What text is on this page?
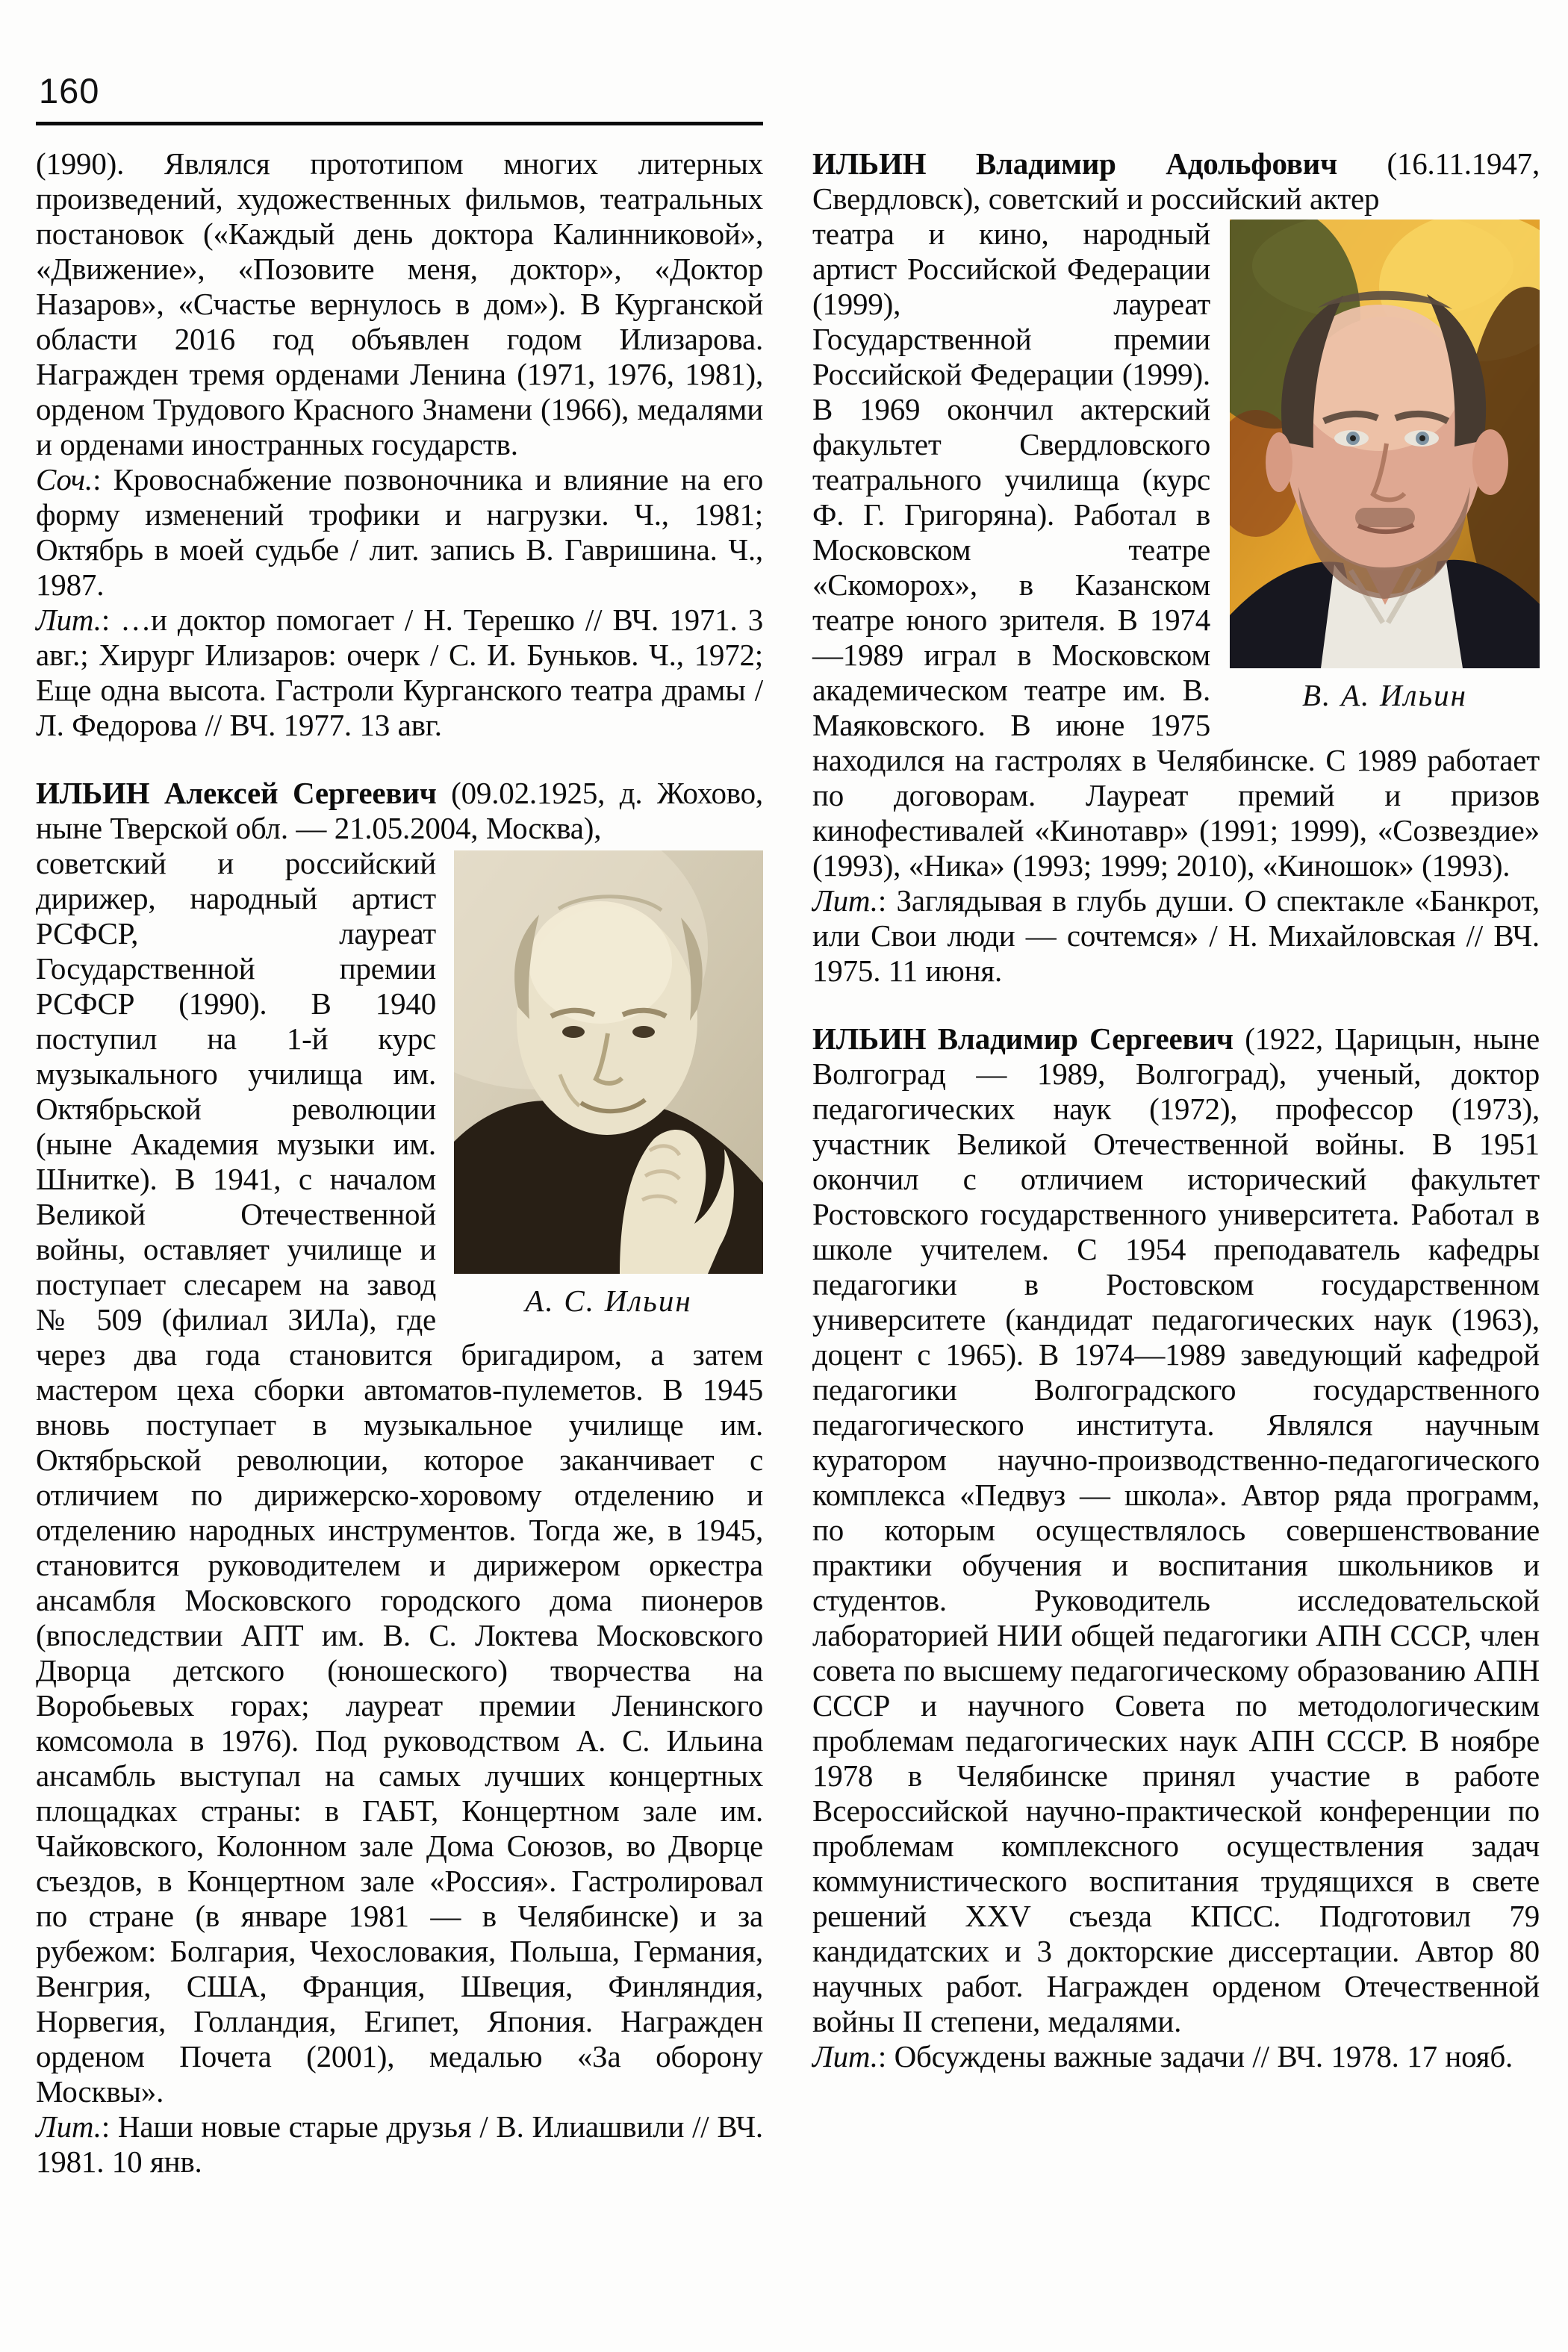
160

(1990). Являлся прототипом многих литерных произведений, художественных фильмов, театральных постановок («Каждый день доктора Калинниковой», «Движение», «Позовите меня, доктор», «Доктор Назаров», «Счастье вернулось в дом»). В Курганской области 2016 год объявлен годом Илизарова. Награжден тремя орденами Ленина (1971, 1976, 1981), орденом Трудового Красного Знамени (1966), медалями и орденами иностранных государств.

Соч.: Кровоснабжение позвоночника и влияние на его форму изменений трофики и нагрузки. Ч., 1981; Октябрь в моей судьбе / лит. запись В. Гавришина. Ч., 1987.

Лит.: …и доктор помогает / Н. Терешко // ВЧ. 1971. 3 авг.; Хирург Илизаров: очерк / С. И. Буньков. Ч., 1972; Еще одна высота. Гастроли Курганского театра драмы / Л. Федорова // ВЧ. 1977. 13 авг.

ИЛЬИН Алексей Сергеевич (09.02.1925, д. Жохово, ныне Тверской обл. — 21.05.2004, Москва),

А. С. Ильин
советский и российский дирижер, народный артист РСФСР, лауреат Государственной премии РСФСР (1990). В 1940 поступил на 1-й курс музыкального училища им. Октябрьской революции (ныне Академия музыки им. Шнитке). В 1941, с началом Великой Отечественной войны, оставляет училище и поступает слесарем на завод № 509 (филиал ЗИЛа), где через два года становится бригадиром, а затем мастером цеха сборки автоматов-пулеметов. В 1945 вновь поступает в музыкальное училище им. Октябрьской революции, которое заканчивает с отличием по дирижерско-хоровому отделению и отделению народных инструментов. Тогда же, в 1945, становится руководителем и дирижером оркестра ансамбля Московского городского дома пионеров (впоследствии АПТ им. В. С. Локтева Московского Дворца детского (юношеского) творчества на Воробьевых горах; лауреат премии Ленинского комсомола в 1976). Под руководством А. С. Ильина ансамбль выступал на самых лучших концертных площадках страны: в ГАБТ, Концертном зале им. Чайковского, Колонном зале Дома Союзов, во Дворце съездов, в Концертном зале «Россия». Гастролировал по стране (в январе 1981 — в Челябинске) и за рубежом: Болгария, Чехословакия, Польша, Германия, Венгрия, США, Франция, Швеция, Финляндия, Норвегия, Голландия, Египет, Япония. Награжден орденом Почета (2001), медалью «За оборону Москвы».

Лит.: Наши новые старые друзья / В. Илиашвили // ВЧ. 1981. 10 янв.

ИЛЬИН Владимир Адольфович (16.11.1947, Свердловск), советский и российский актер

В. А. Ильин
театра и кино, народный артист Российской Федерации (1999), лауреат Государственной премии Российской Федерации (1999). В 1969 окончил актерский факультет Свердловского театрального училища (курс Ф. Г. Григоряна). Работал в Московском театре «Скоморох», в Казанском театре юного зрителя. В 1974—1989 играл в Московском академическом театре им. В. Маяковского. В июне 1975 находился на гастролях в Челябинске. С 1989 работает по договорам. Лауреат премий и призов кинофестивалей «Кинотавр» (1991; 1999), «Созвездие» (1993), «Ника» (1993; 1999; 2010), «Киношок» (1993).

Лит.: Заглядывая в глубь души. О спектакле «Банкрот, или Свои люди — сочтемся» / Н. Михайловская // ВЧ. 1975. 11 июня.

ИЛЬИН Владимир Сергеевич (1922, Царицын, ныне Волгоград — 1989, Волгоград), ученый, доктор педагогических наук (1972), профессор (1973), участник Великой Отечественной войны. В 1951 окончил с отличием исторический факультет Ростовского государственного университета. Работал в школе учителем. С 1954 преподаватель кафедры педагогики в Ростовском государственном университете (кандидат педагогических наук (1963), доцент с 1965). В 1974—1989 заведующий кафедрой педагогики Волгоградского государственного педагогического института. Являлся научным куратором научно-производственно-педагогического комплекса «Педвуз — школа». Автор ряда программ, по которым осуществлялось совершенствование практики обучения и воспитания школьников и студентов. Руководитель исследовательской лабораторией НИИ общей педагогики АПН СССР, член совета по высшему педагогическому образованию АПН СССР и научного Совета по методологическим проблемам педагогических наук АПН СССР. В ноябре 1978 в Челябинске принял участие в работе Всероссийской научно-практической конференции по проблемам комплексного осуществления задач коммунистического воспитания трудящихся в свете решений XXV съезда КПСС. Подготовил 79 кандидатских и 3 докторские диссертации. Автор 80 научных работ. Награжден орденом Отечественной войны II степени, медалями.

Лит.: Обсуждены важные задачи // ВЧ. 1978. 17 нояб.
